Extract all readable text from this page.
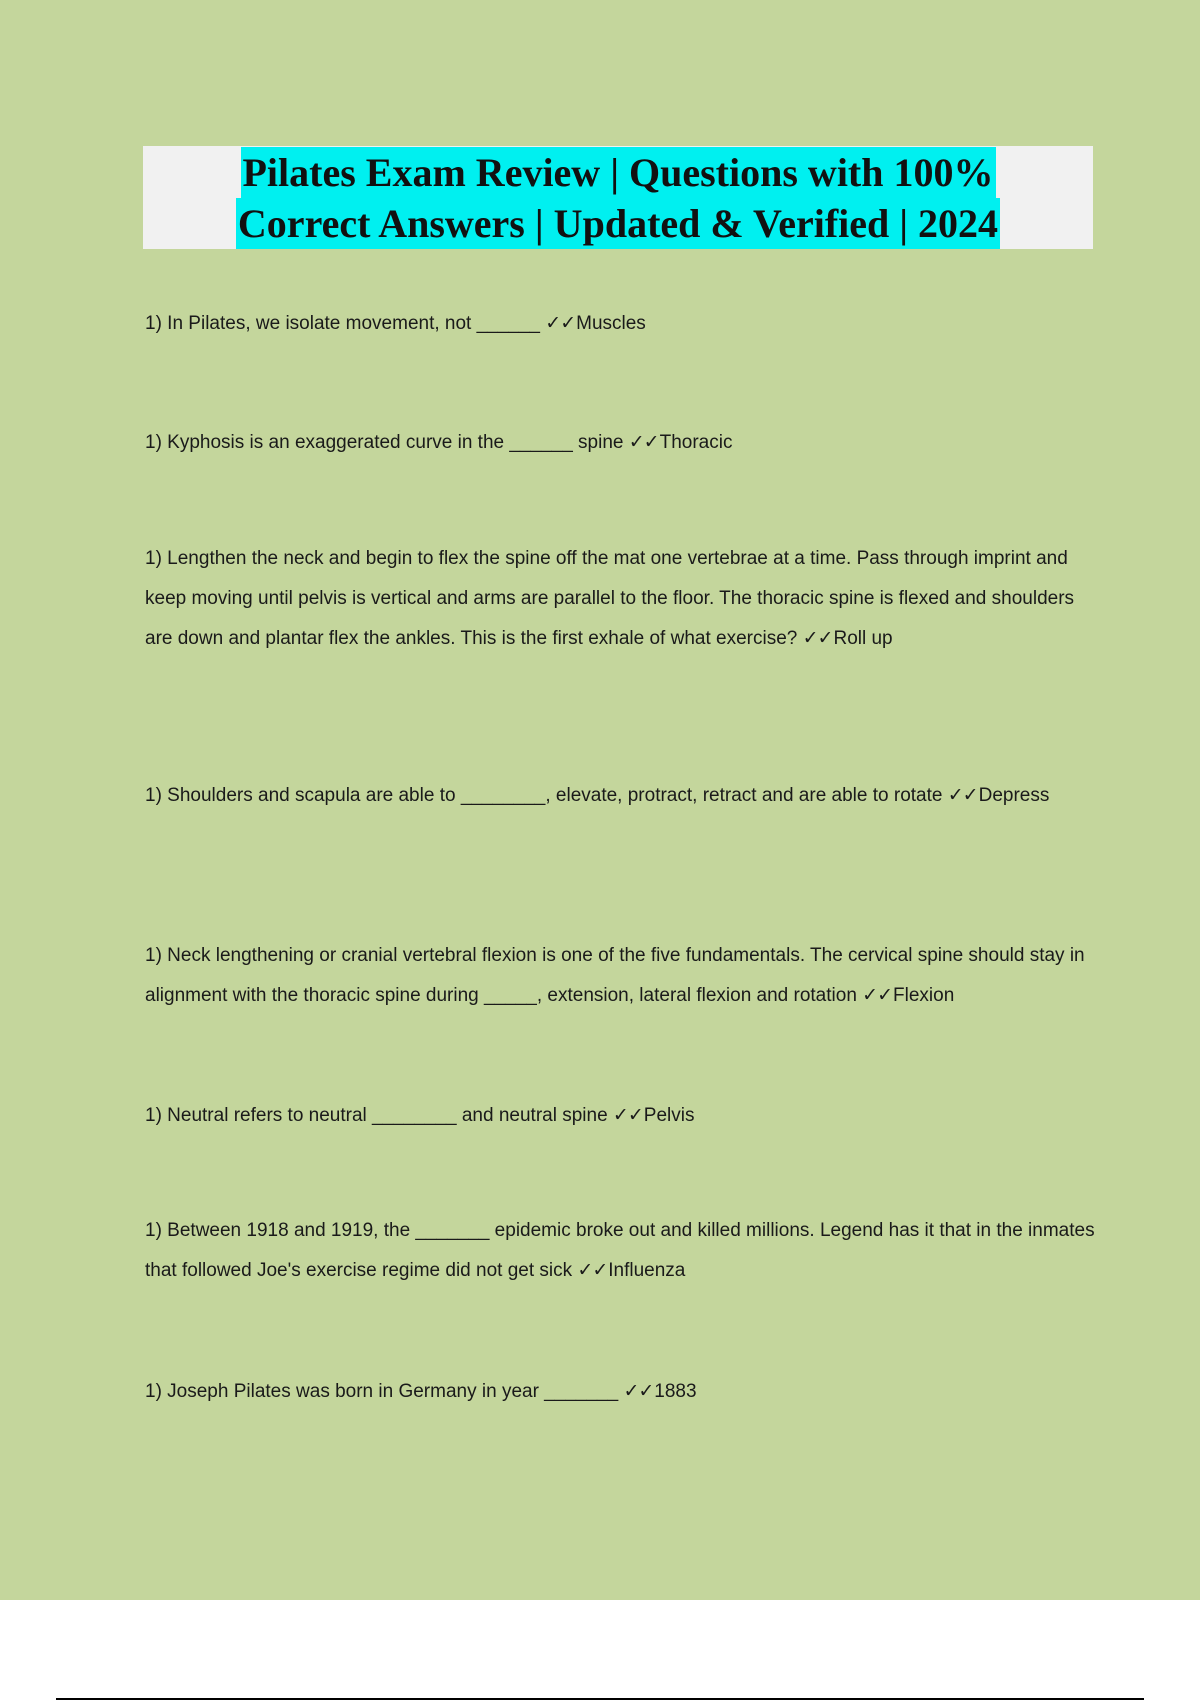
Pilates Exam Review | Questions with 100%
Correct Answers | Updated & Verified | 2024
1) In Pilates, we isolate movement, not ______ ✓✓Muscles
1) Kyphosis is an exaggerated curve in the ______ spine ✓✓Thoracic
1) Lengthen the neck and begin to flex the spine off the mat one vertebrae at a time. Pass through imprint and keep moving until pelvis is vertical and arms are parallel to the floor. The thoracic spine is flexed and shoulders are down and plantar flex the ankles. This is the first exhale of what exercise? ✓✓Roll up
1) Shoulders and scapula are able to ________, elevate, protract, retract and are able to rotate ✓✓Depress
1) Neck lengthening or cranial vertebral flexion is one of the five fundamentals. The cervical spine should stay in alignment with the thoracic spine during _____, extension, lateral flexion and rotation ✓✓Flexion
1) Neutral refers to neutral ________ and neutral spine ✓✓Pelvis
1) Between 1918 and 1919, the _______ epidemic broke out and killed millions. Legend has it that in the inmates that followed Joe's exercise regime did not get sick ✓✓Influenza
1) Joseph Pilates was born in Germany in year _______ ✓✓1883
